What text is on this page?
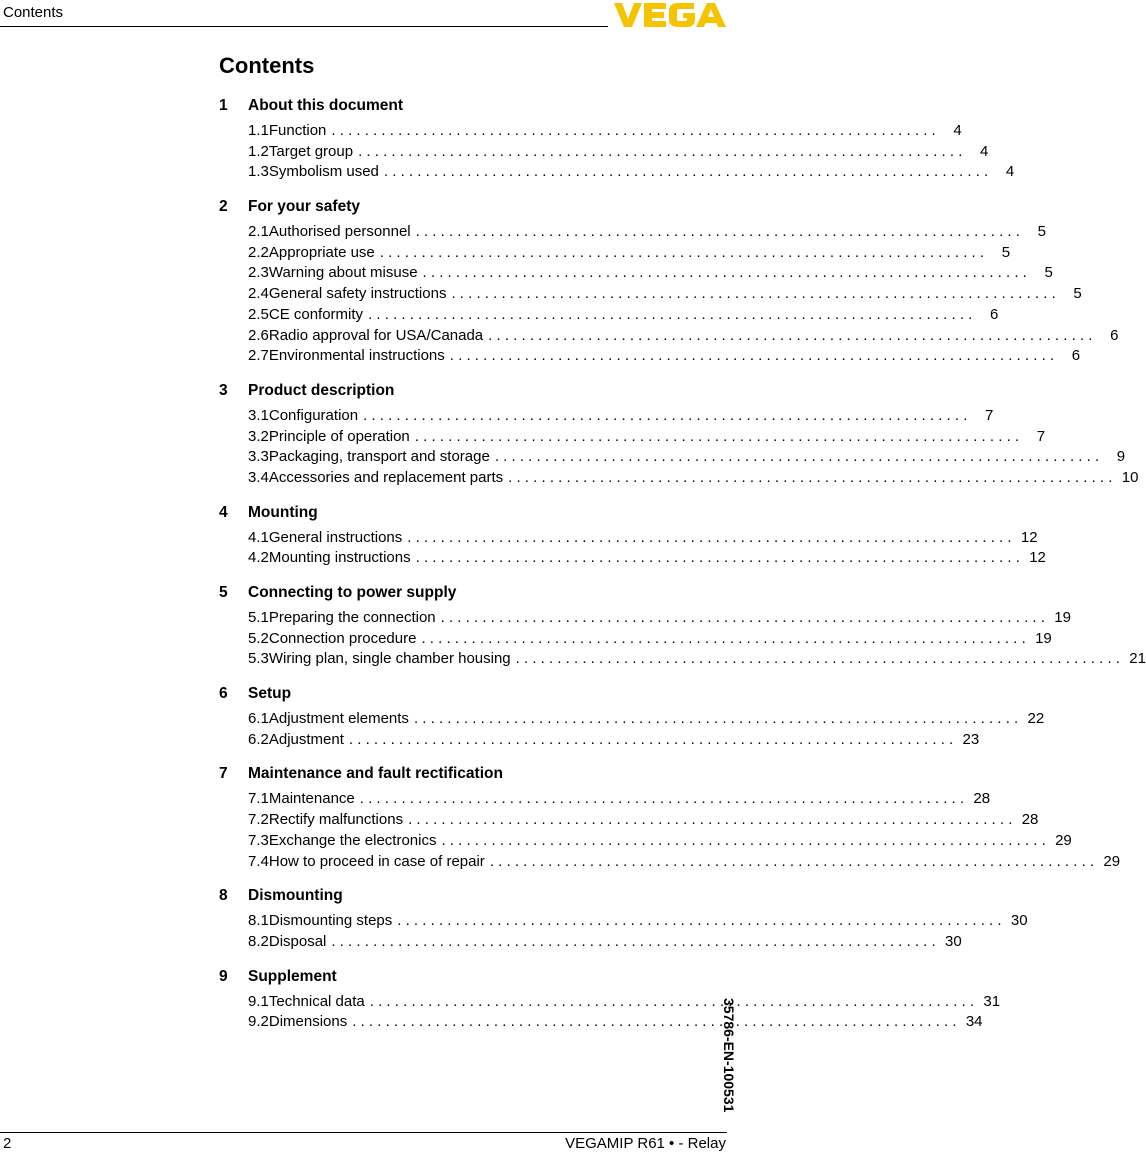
Contents
Contents
1	About this document
1.1 Function . . .	4
1.2 Target group . . .	4
1.3 Symbolism used . . .	4
2	For your safety
2.1 Authorised personnel . . .	5
2.2 Appropriate use . . .	5
2.3 Warning about misuse . . .	5
2.4 General safety instructions . . .	5
2.5 CE conformity . . .	6
2.6 Radio approval for USA/Canada . . .	6
2.7 Environmental instructions . . .	6
3	Product description
3.1 Configuration . . .	7
3.2 Principle of operation . . .	7
3.3 Packaging, transport and storage . . .	9
3.4 Accessories and replacement parts . . .	10
4	Mounting
4.1 General instructions . . .	12
4.2 Mounting instructions . . .	12
5	Connecting to power supply
5.1 Preparing the connection . . .	19
5.2 Connection procedure . . .	19
5.3 Wiring plan, single chamber housing . . .	21
6	Setup
6.1 Adjustment elements . . .	22
6.2 Adjustment . . .	23
7	Maintenance and fault rectification
7.1 Maintenance . . .	28
7.2 Rectify malfunctions . . .	28
7.3 Exchange the electronics . . .	29
7.4 How to proceed in case of repair . . .	29
8	Dismounting
8.1 Dismounting steps . . .	30
8.2 Disposal . . .	30
9	Supplement
9.1 Technical data . . .	31
9.2 Dimensions . . .	34
35786-EN-100531
2	VEGAMIP R61 • - Relay
